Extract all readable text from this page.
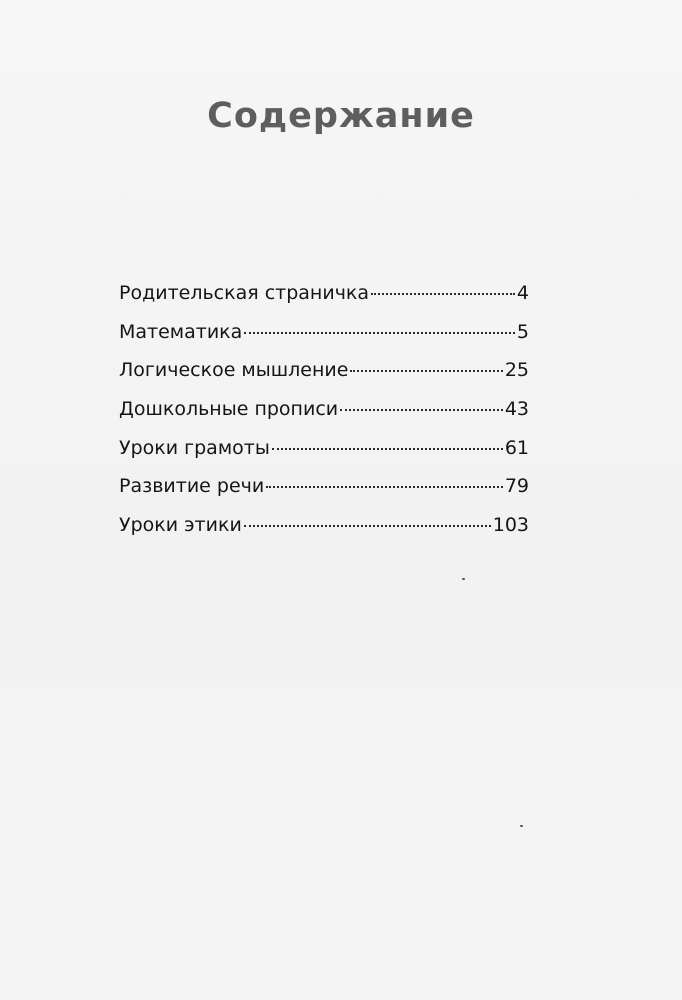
Содержание
Родительская страничка	4
Математика	5
Логическое мышление	25
Дошкольные прописи	43
Уроки грамоты	61
Развитие речи	79
Уроки этики	103
